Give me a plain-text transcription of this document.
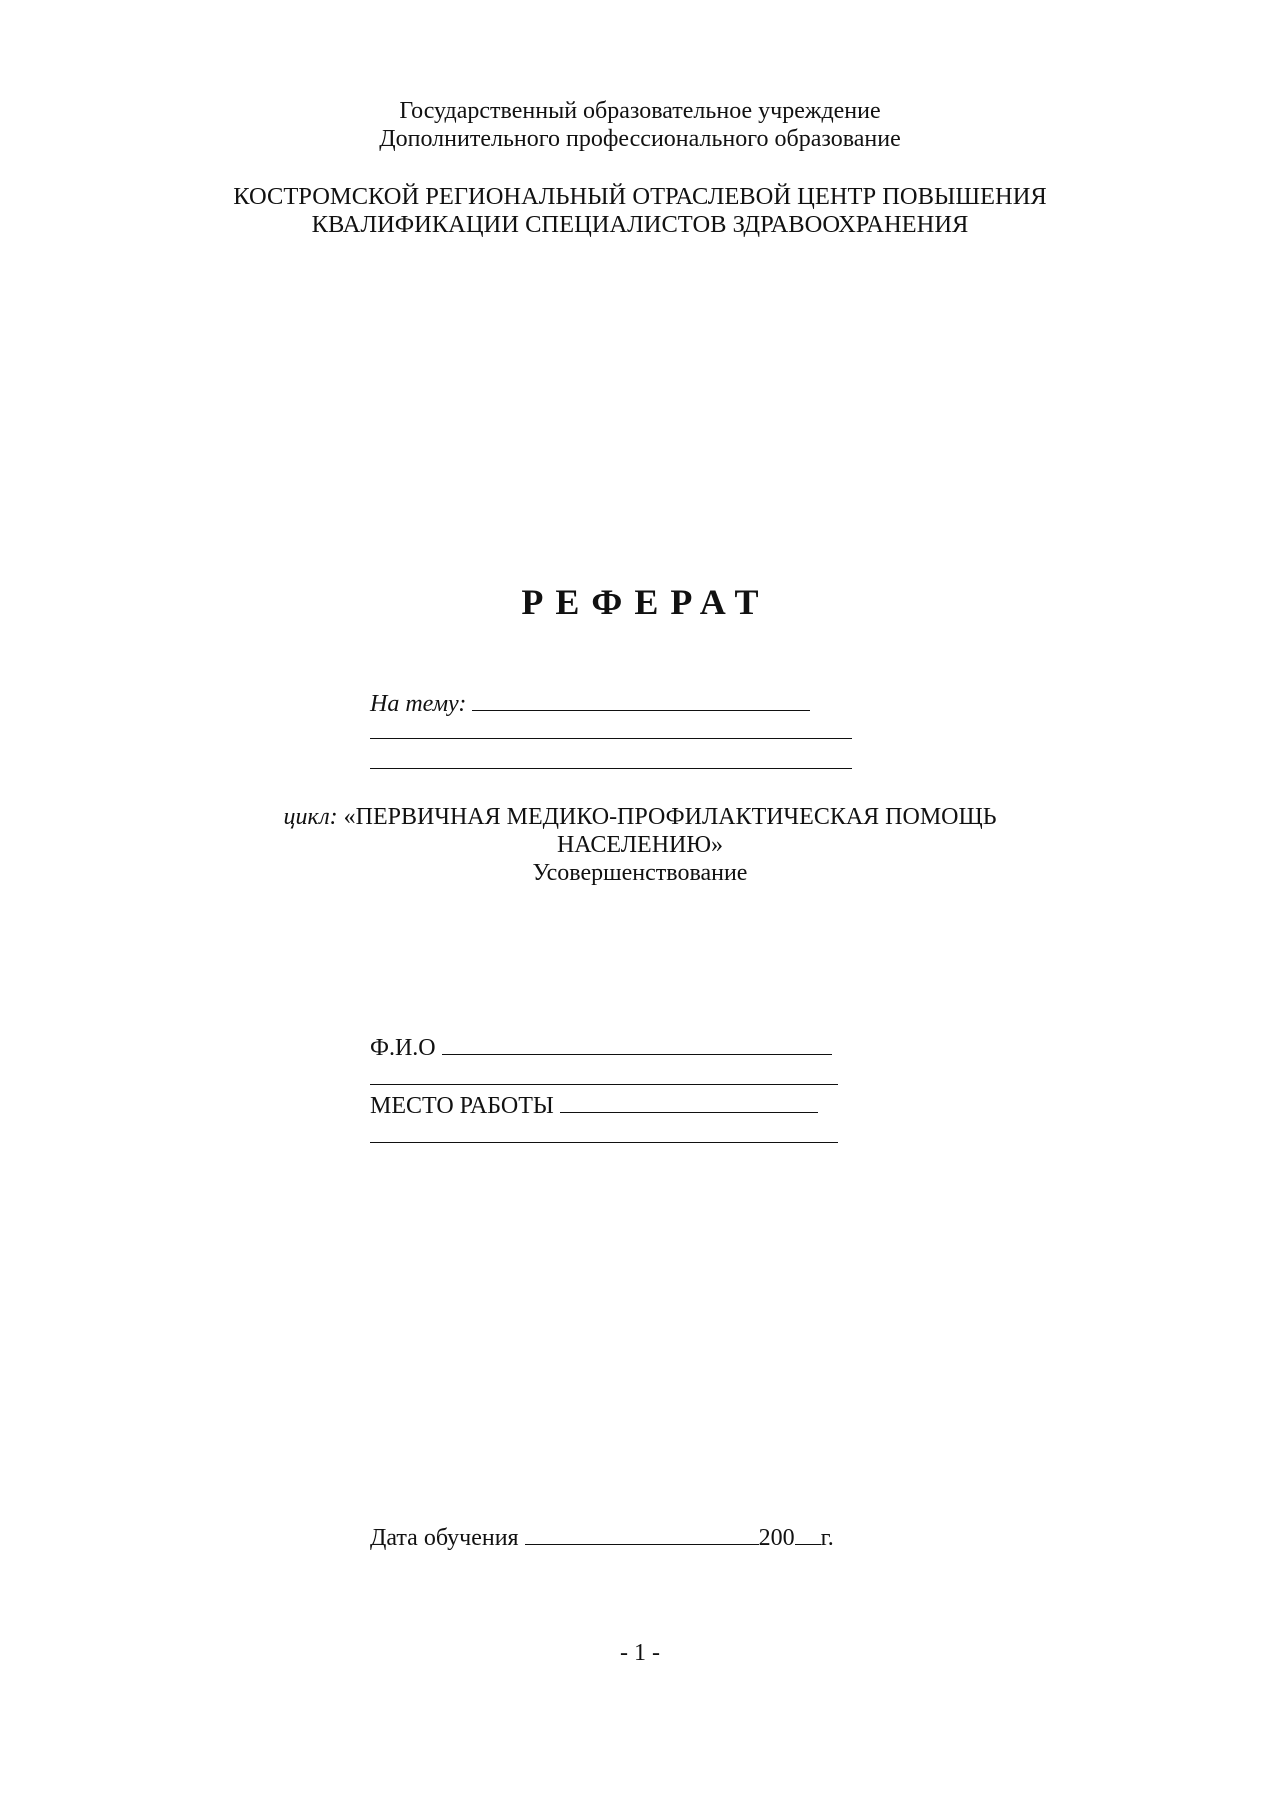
Государственный образовательное учреждение
Дополнительного профессионального образование
КОСТРОМСКОЙ РЕГИОНАЛЬНЫЙ ОТРАСЛЕВОЙ ЦЕНТР ПОВЫШЕНИЯ
КВАЛИФИКАЦИИ СПЕЦИАЛИСТОВ ЗДРАВООХРАНЕНИЯ
РЕФЕРАТ
На тему:
цикл: «ПЕРВИЧНАЯ МЕДИКО-ПРОФИЛАКТИЧЕСКАЯ ПОМОЩЬ
НАСЕЛЕНИЮ»
Усовершенствование
Ф.И.О
МЕСТО РАБОТЫ
Дата обучения	200 г.
- 1 -
